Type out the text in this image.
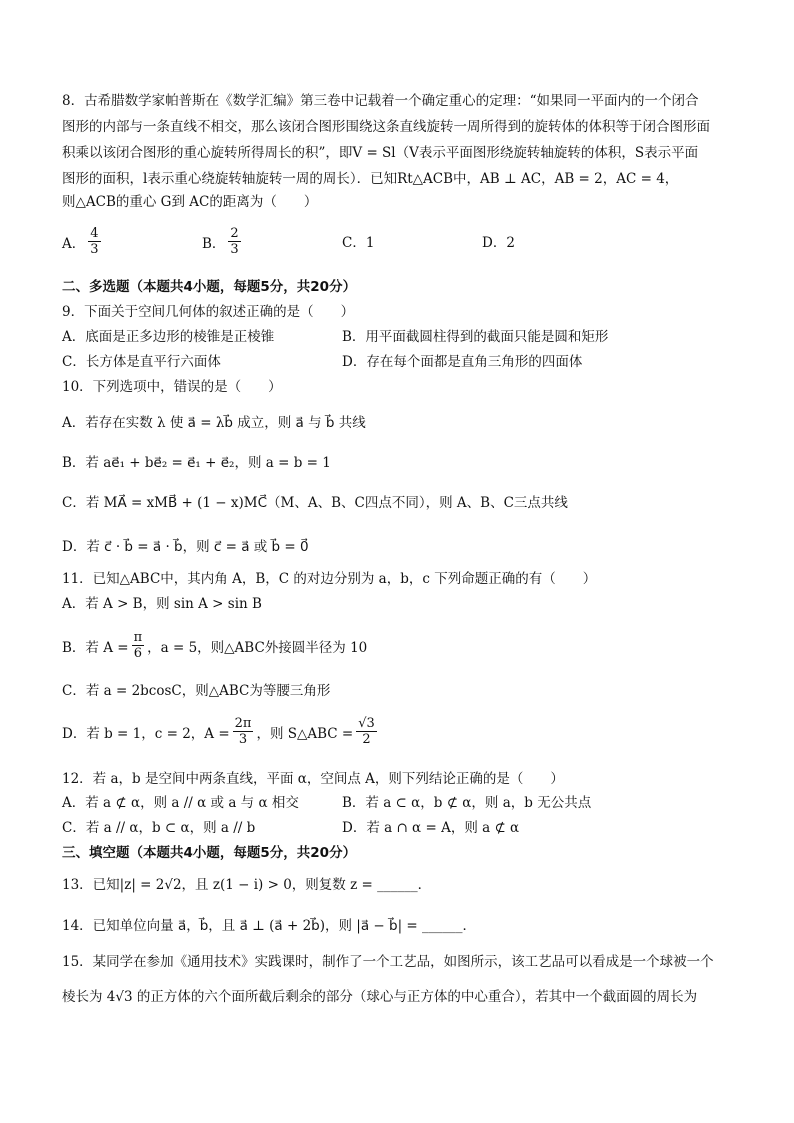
8．古希腊数学家帕普斯在《数学汇编》第三卷中记载着一个确定重心的定理：“如果同一平面内的一个闭合
图形的内部与一条直线不相交，那么该闭合图形围绕这条直线旋转一周所得到的旋转体的体积等于闭合图形面
积乘以该闭合图形的重心旋转所得周长的积”，即V = Sl（V表示平面图形绕旋转轴旋转的体积，S表示平面
图形的面积，l表示重心绕旋转轴旋转一周的周长）．已知Rt△ACB中，AB ⊥ AC，AB = 2，AC = 4，
则△ACB的重心 G到 AC的距离为（　　）
A． $\frac{4}{3}$	B． $\frac{2}{3}$	C．1	D．2
二、多选题（本题共4小题，每题5分，共20分）
9．下面关于空间几何体的叙述正确的是（　　）
A．底面是正多边形的棱锥是正棱锥	B．用平面截圆柱得到的截面只能是圆和矩形
C．长方体是直平行六面体	D．存在每个面都是直角三角形的四面体
10．下列选项中，错误的是（　　）
A．若存在实数 λ 使 a⃗ = λb⃗ 成立，则 a⃗ 与 b⃗ 共线
B．若 ae⃗₁ + be⃗₂ = e⃗₁ + e⃗₂，则 a = b = 1
C．若 MA⃗ = xMB⃗ + (1 − x)MC⃗（M、A、B、C四点不同），则 A、B、C三点共线
D．若 c⃗ · b⃗ = a⃗ · b⃗，则 c⃗ = a⃗ 或 b⃗ = 0⃗
11．已知△ABC中，其内角 A，B，C 的对边分别为 a，b，c 下列命题正确的有（　　）
A．若 A > B，则 sin A > sin B
B．若 $A = \frac{\pi}{6}$ ，a = 5，则△ABC外接圆半径为 10
C．若 a = 2bcosC，则△ABC为等腰三角形
D．若 b = 1，c = 2，$A = \frac{2\pi}{3}$ ，则 S△ABC = $\frac{√3}{2}$
12．若 a，b 是空间中两条直线，平面 α，空间点 A，则下列结论正确的是（　　）
A．若 a ⊄ α，则 a // α 或 a 与 α 相交	B．若 a ⊂ α，b ⊄ α，则 a，b 无公共点
C．若 a // α，b ⊂ α，则 a // b	D．若 a ∩ α = A，则 a ⊄ α
三、填空题（本题共4小题，每题5分，共20分）
13．已知|z| = 2√2，且 z(1 − i) > 0，则复数 z = ______．
14．已知单位向量 a⃗，b⃗，且 a⃗ ⊥ (a⃗ + 2b⃗)，则 |a⃗ − b⃗| = ______．
15．某同学在参加《通用技术》实践课时，制作了一个工艺品，如图所示，该工艺品可以看成是一个球被一个
棱长为 4√3 的正方体的六个面所截后剩余的部分（球心与正方体的中心重合），若其中一个截面圆的周长为
